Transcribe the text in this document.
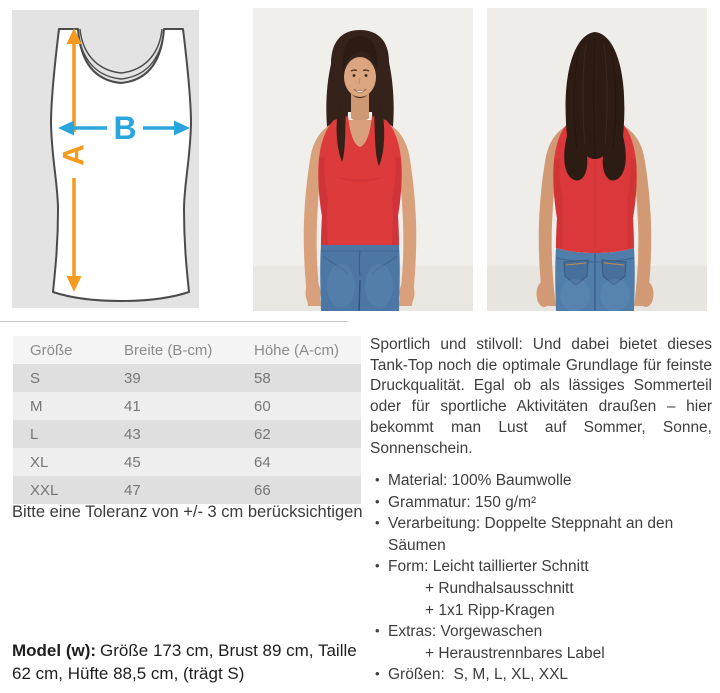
A
B
Größe	Breite (B-cm)	Höhe (A-cm)
S	39	58
M	41	60
L	43	62
XL	45	64
XXL	47	66

Bitte eine Toleranz von +/- 3 cm berücksichtigen

Sportlich und stilvoll: Und dabei bietet dieses Tank-Top noch die optimale Grundlage für feinste Druckqualität. Egal ob als lässiges Sommerteil oder für sportliche Aktivitäten draußen – hier bekommt man Lust auf Sommer, Sonne, Sonnenschein.

• Material: 100% Baumwolle
• Grammatur: 150 g/m²
• Verarbeitung: Doppelte Steppnaht an den Säumen
• Form: Leicht taillierter Schnitt
+ Rundhalsausschnitt
+ 1x1 Ripp-Kragen
• Extras: Vorgewaschen
+ Heraustrennbares Label
• Größen:  S, M, L, XL, XXL

Model (w): Größe 173 cm, Brust 89 cm, Taille 62 cm, Hüfte 88,5 cm, (trägt S)
